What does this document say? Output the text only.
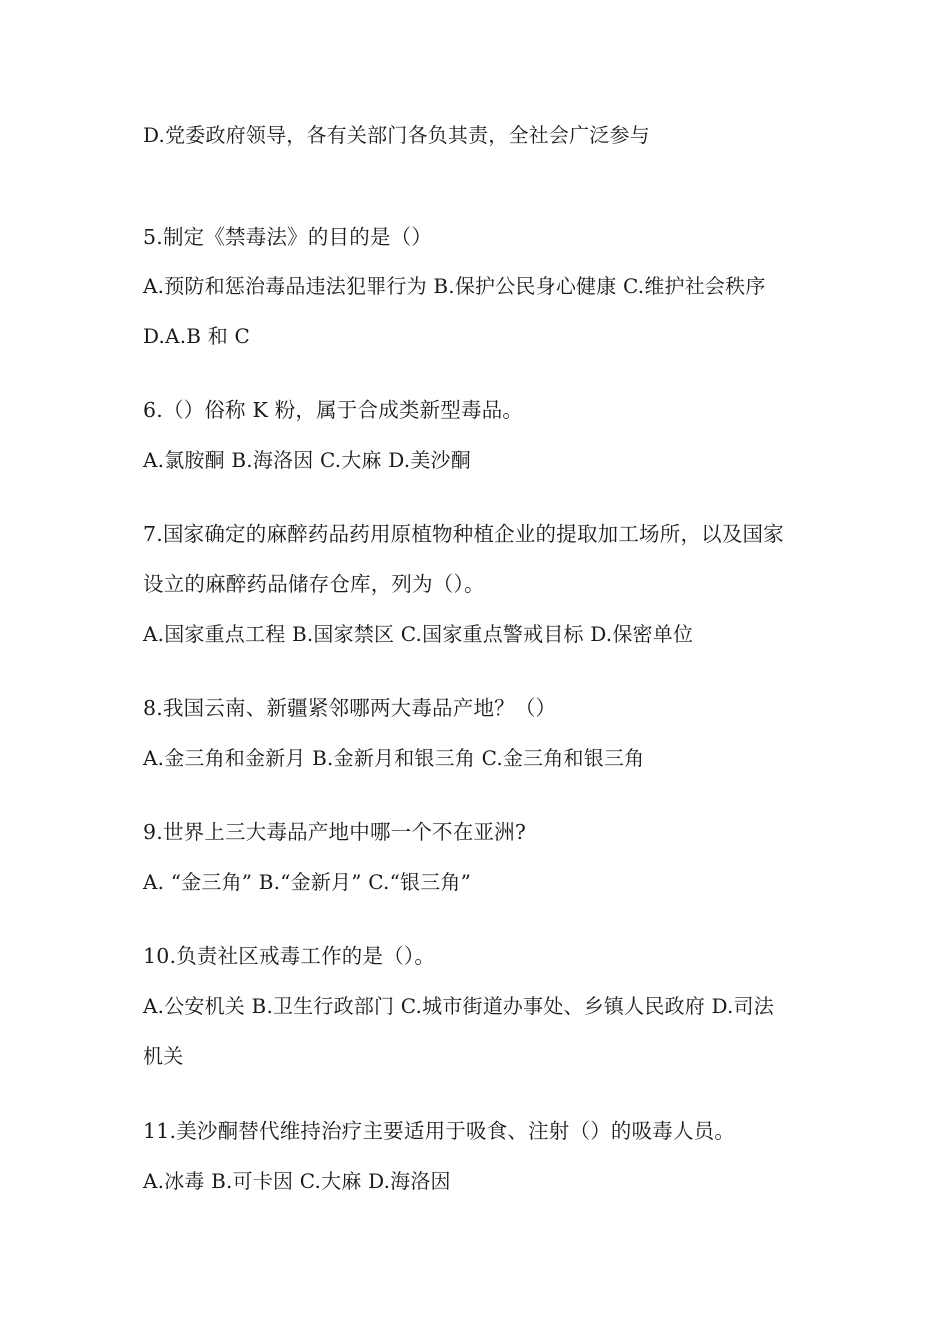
D.党委政府领导，各有关部门各负其责，全社会广泛参与
5.制定《禁毒法》的目的是（）
A.预防和惩治毒品违法犯罪行为 B.保护公民身心健康 C.维护社会秩序
D.A.B 和 C
6.（）俗称 K 粉，属于合成类新型毒品。
A.氯胺酮 B.海洛因 C.大麻 D.美沙酮
7.国家确定的麻醉药品药用原植物种植企业的提取加工场所，以及国家
设立的麻醉药品储存仓库，列为（）。
A.国家重点工程 B.国家禁区 C.国家重点警戒目标 D.保密单位
8.我国云南、新疆紧邻哪两大毒品产地？（）
A.金三角和金新月 B.金新月和银三角 C.金三角和银三角
9.世界上三大毒品产地中哪一个不在亚洲?
A. “金三角” B.“金新月” C.“银三角”
10.负责社区戒毒工作的是（）。
A.公安机关 B.卫生行政部门 C.城市街道办事处、乡镇人民政府 D.司法
机关
11.美沙酮替代维持治疗主要适用于吸食、注射（）的吸毒人员。
A.冰毒 B.可卡因 C.大麻 D.海洛因
